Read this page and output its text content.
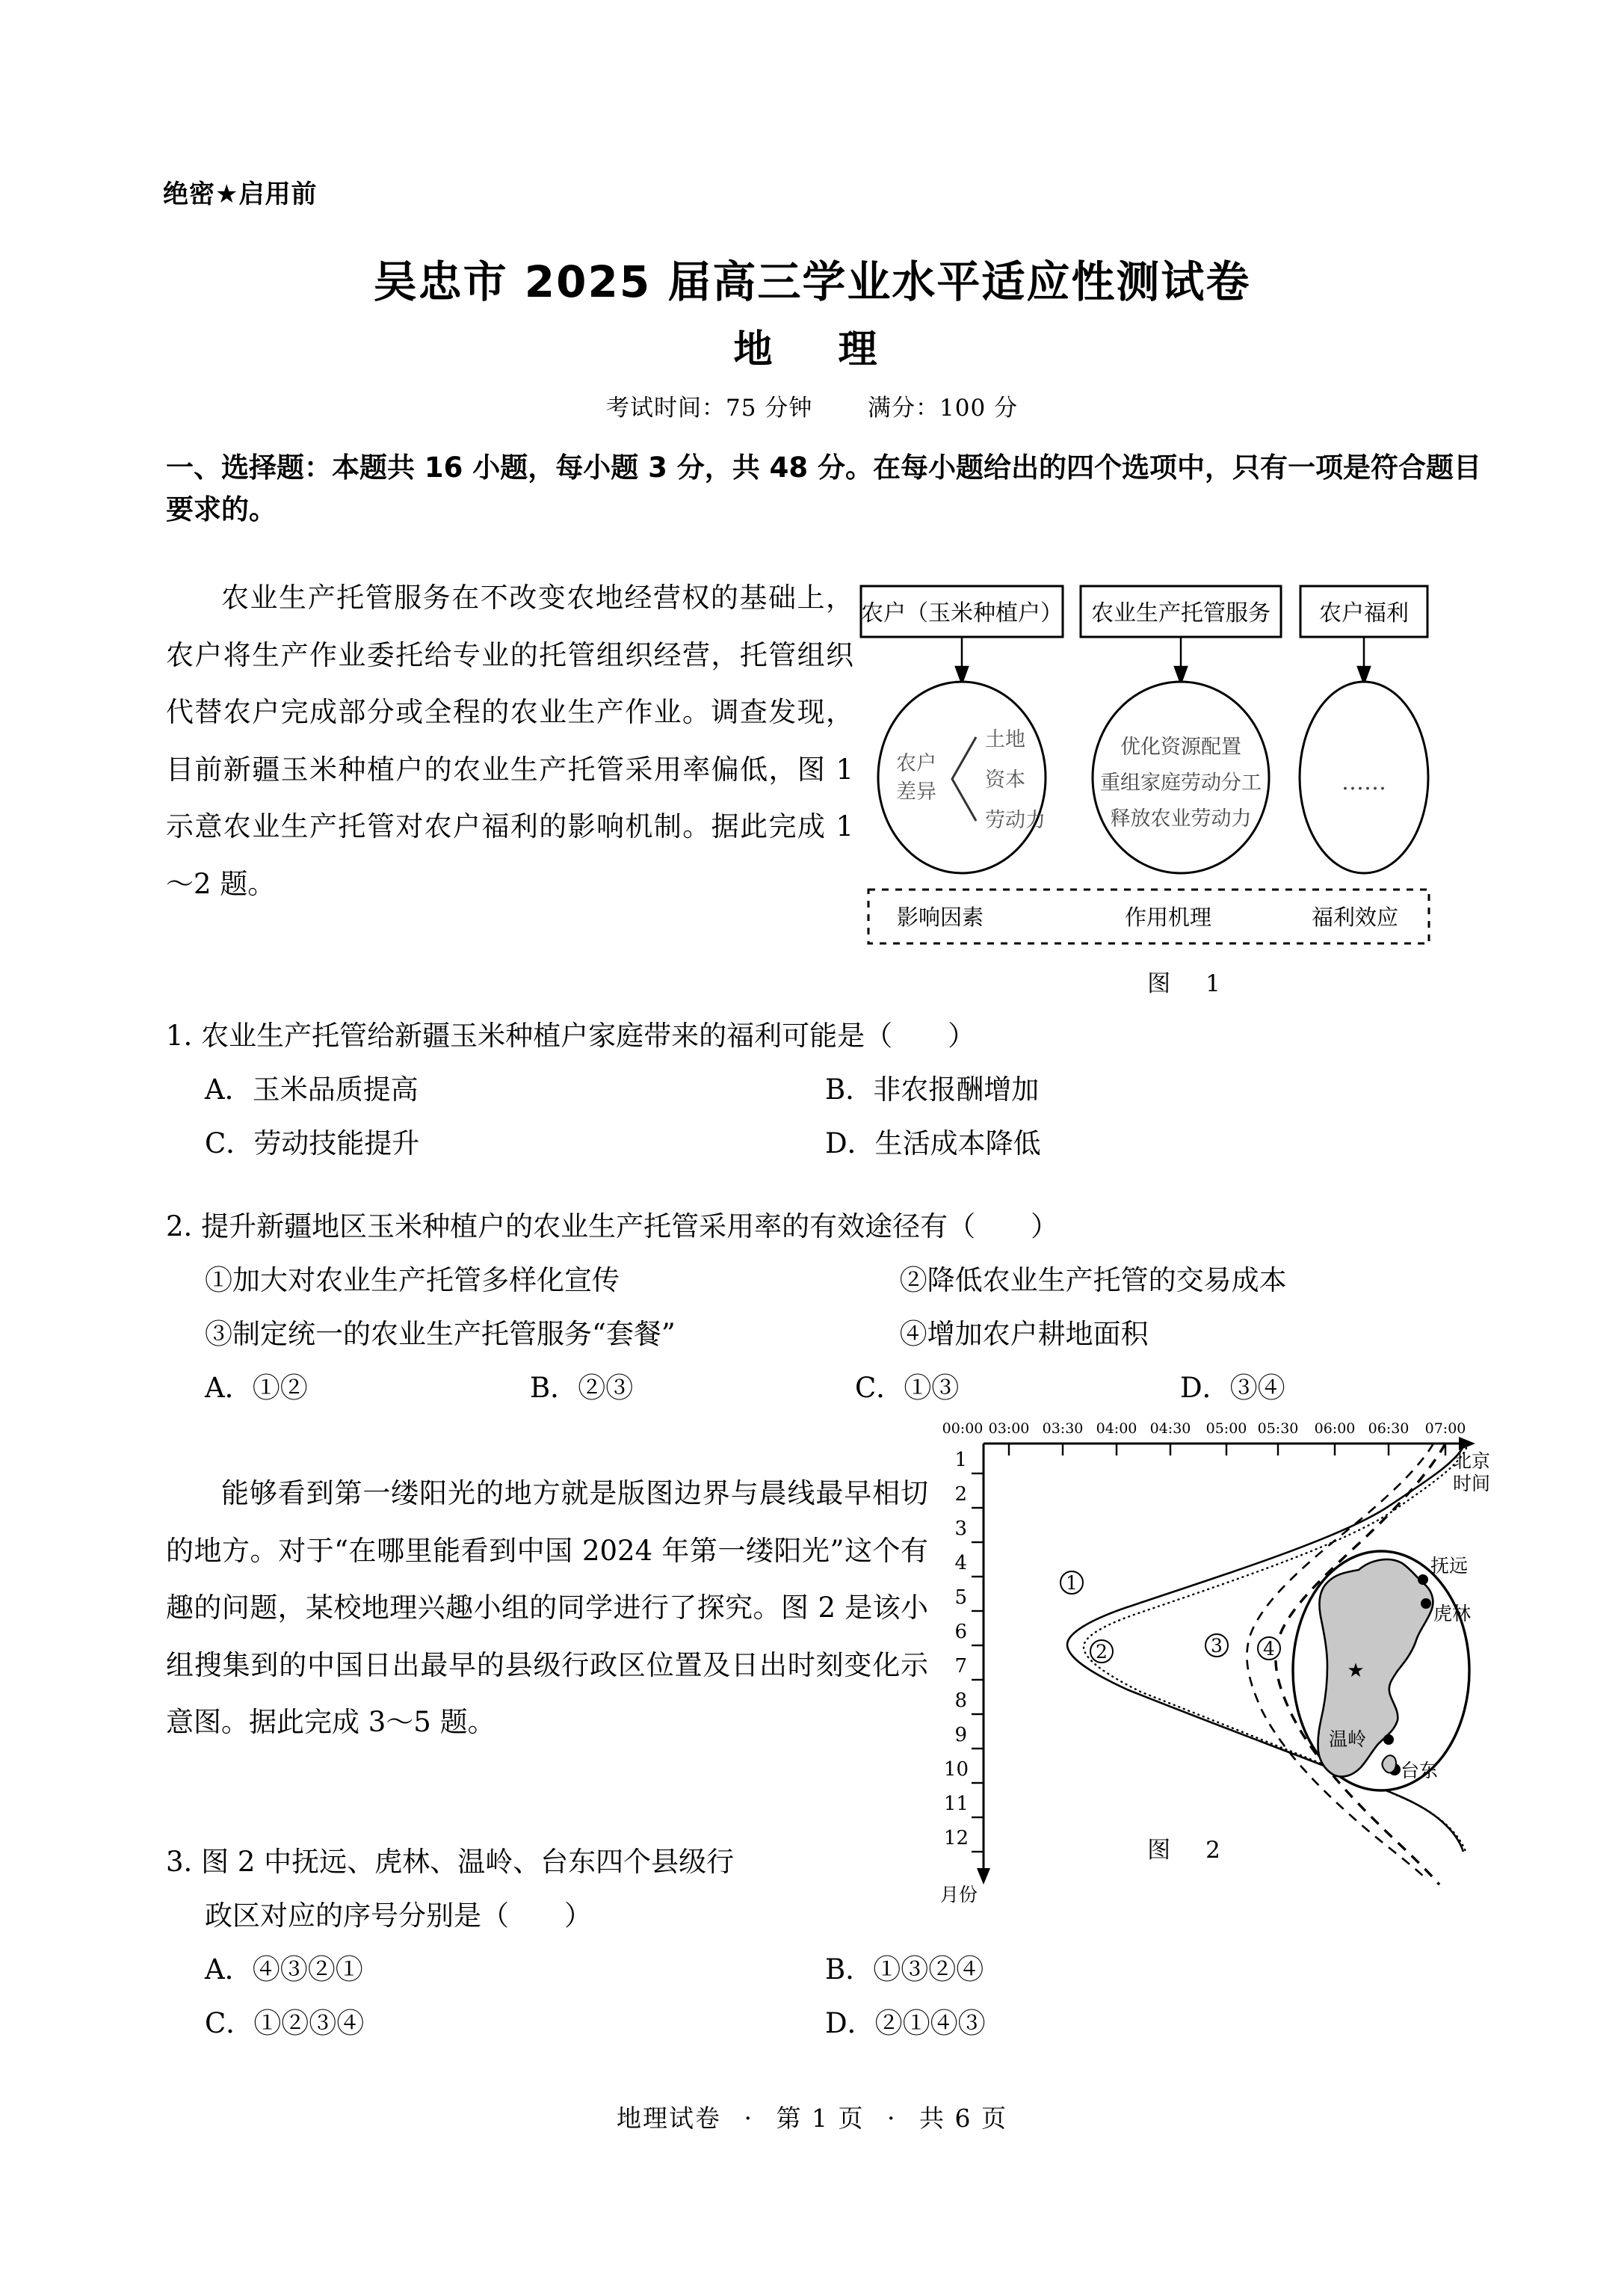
绝密★启用前
吴忠市 2025 届高三学业水平适应性测试卷
地　理
考试时间：75 分钟 满分：100 分
一、选择题：本题共 16 小题，每小题 3 分，共 48 分。在每小题给出的四个选项中，只有一项是符合题目要求的。
农业生产托管服务在不改变农地经营权的基础上，农户将生产作业委托给专业的托管组织经营，托管组织代替农户完成部分或全程的农业生产作业。调查发现，目前新疆玉米种植户的农业生产托管采用率偏低，图 1 示意农业生产托管对农户福利的影响机制。据此完成 1～2 题。
农户（玉米种植户） 农业生产托管服务 农户福利
农户
差异
土地
资本
劳动力
优化资源配置
重组家庭劳动分工
释放农业劳动力
……
影响因素	作用机理	福利效应
图　1
1. 农业生产托管给新疆玉米种植户家庭带来的福利可能是（　　）
A．玉米品质提高	B．非农报酬增加
C．劳动技能提升	D．生活成本降低
2. 提升新疆地区玉米种植户的农业生产托管采用率的有效途径有（　　）
①加大对农业生产托管多样化宣传	②降低农业生产托管的交易成本
③制定统一的农业生产托管服务“套餐”	④增加农户耕地面积
A．①②	B．②③	C．①③	D．③④
能够看到第一缕阳光的地方就是版图边界与晨线最早相切的地方。对于“在哪里能看到中国 2024 年第一缕阳光”这个有趣的问题，某校地理兴趣小组的同学进行了探究。图 2 是该小组搜集到的中国日出最早的县级行政区位置及日出时刻变化示意图。据此完成 3～5 题。
00:00 03:00 03:30 04:00 04:30 05:00 05:30 06:00 06:30 07:00
1
2
3
4
5
6
7
8
9
10
11
12
北京
时间
月份
1
2	3 4
★
抚远
虎林
温岭
台东
图　2
3. 图 2 中抚远、虎林、温岭、台东四个县级行
政区对应的序号分别是（　　）
A．④③②①	B．①③②④
C．①②③④	D．②①④③
地理试卷 · 第 1 页 · 共 6 页
